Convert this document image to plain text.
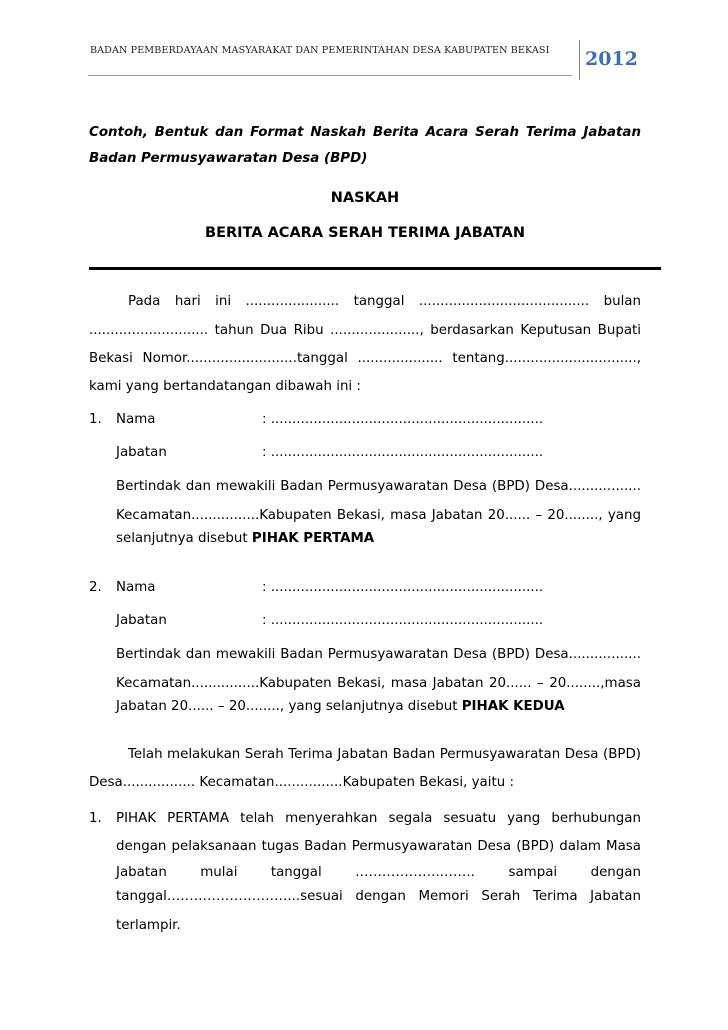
BADAN PEMBERDAYAAN MASYARAKAT DAN PEMERINTAHAN DESA KABUPATEN BEKASI 2012
Contoh, Bentuk dan Format Naskah Berita Acara Serah Terima Jabatan
Badan Permusyawaratan Desa (BPD)
NASKAH
BERITA ACARA SERAH TERIMA JABATAN
Pada hari ini ...................... tanggal ........................................ bulan
............................ tahun Dua Ribu ....................., berdasarkan Keputusan Bupati
Bekasi Nomor..........................tanggal .................... tentang...............................,
kami yang bertandatangan dibawah ini :
1. Nama	: ................................................................
Jabatan	: ................................................................
Bertindak dan mewakili Badan Permusyawaratan Desa (BPD) Desa.................
Kecamatan................Kabupaten Bekasi, masa Jabatan 20...... – 20........, yang
selanjutnya disebut PIHAK PERTAMA
2. Nama	: ................................................................
Jabatan	: ................................................................
Bertindak dan mewakili Badan Permusyawaratan Desa (BPD) Desa.................
Kecamatan................Kabupaten Bekasi, masa Jabatan 20...... – 20........,masa
Jabatan 20...... – 20........, yang selanjutnya disebut PIHAK KEDUA
Telah melakukan Serah Terima Jabatan Badan Permusyawaratan Desa (BPD)
Desa................. Kecamatan................Kabupaten Bekasi, yaitu :
1. PIHAK PERTAMA telah menyerahkan segala sesuatu yang berhubungan
dengan pelaksanaan tugas Badan Permusyawaratan Desa (BPD) dalam Masa
Jabatan mulai tanggal ………………..……. sampai dengan
tanggal………………………...sesuai dengan Memori Serah Terima Jabatan
terlampir.
